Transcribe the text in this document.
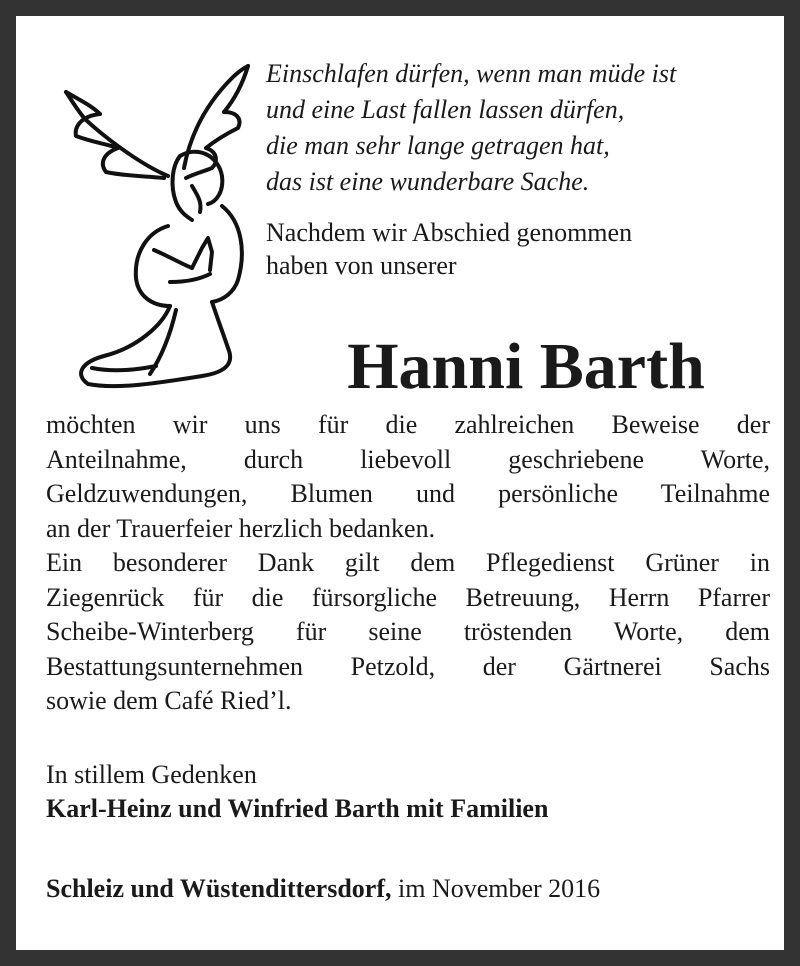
Einschlafen dürfen, wenn man müde ist
und eine Last fallen lassen dürfen,
die man sehr lange getragen hat,
das ist eine wunderbare Sache.
Nachdem wir Abschied genommen
haben von unserer
Hanni Barth
möchten wir uns für die zahlreichen Beweise der
Anteilnahme, durch liebevoll geschriebene Worte,
Geldzuwendungen, Blumen und persönliche Teilnahme
an der Trauerfeier herzlich bedanken.
Ein besonderer Dank gilt dem Pflegedienst Grüner in
Ziegenrück für die fürsorgliche Betreuung, Herrn Pfarrer
Scheibe-Winterberg für seine tröstenden Worte, dem
Bestattungsunternehmen Petzold, der Gärtnerei Sachs
sowie dem Café Ried’l.
In stillem Gedenken
Karl-Heinz und Winfried Barth mit Familien
Schleiz und Wüstendittersdorf, im November 2016
